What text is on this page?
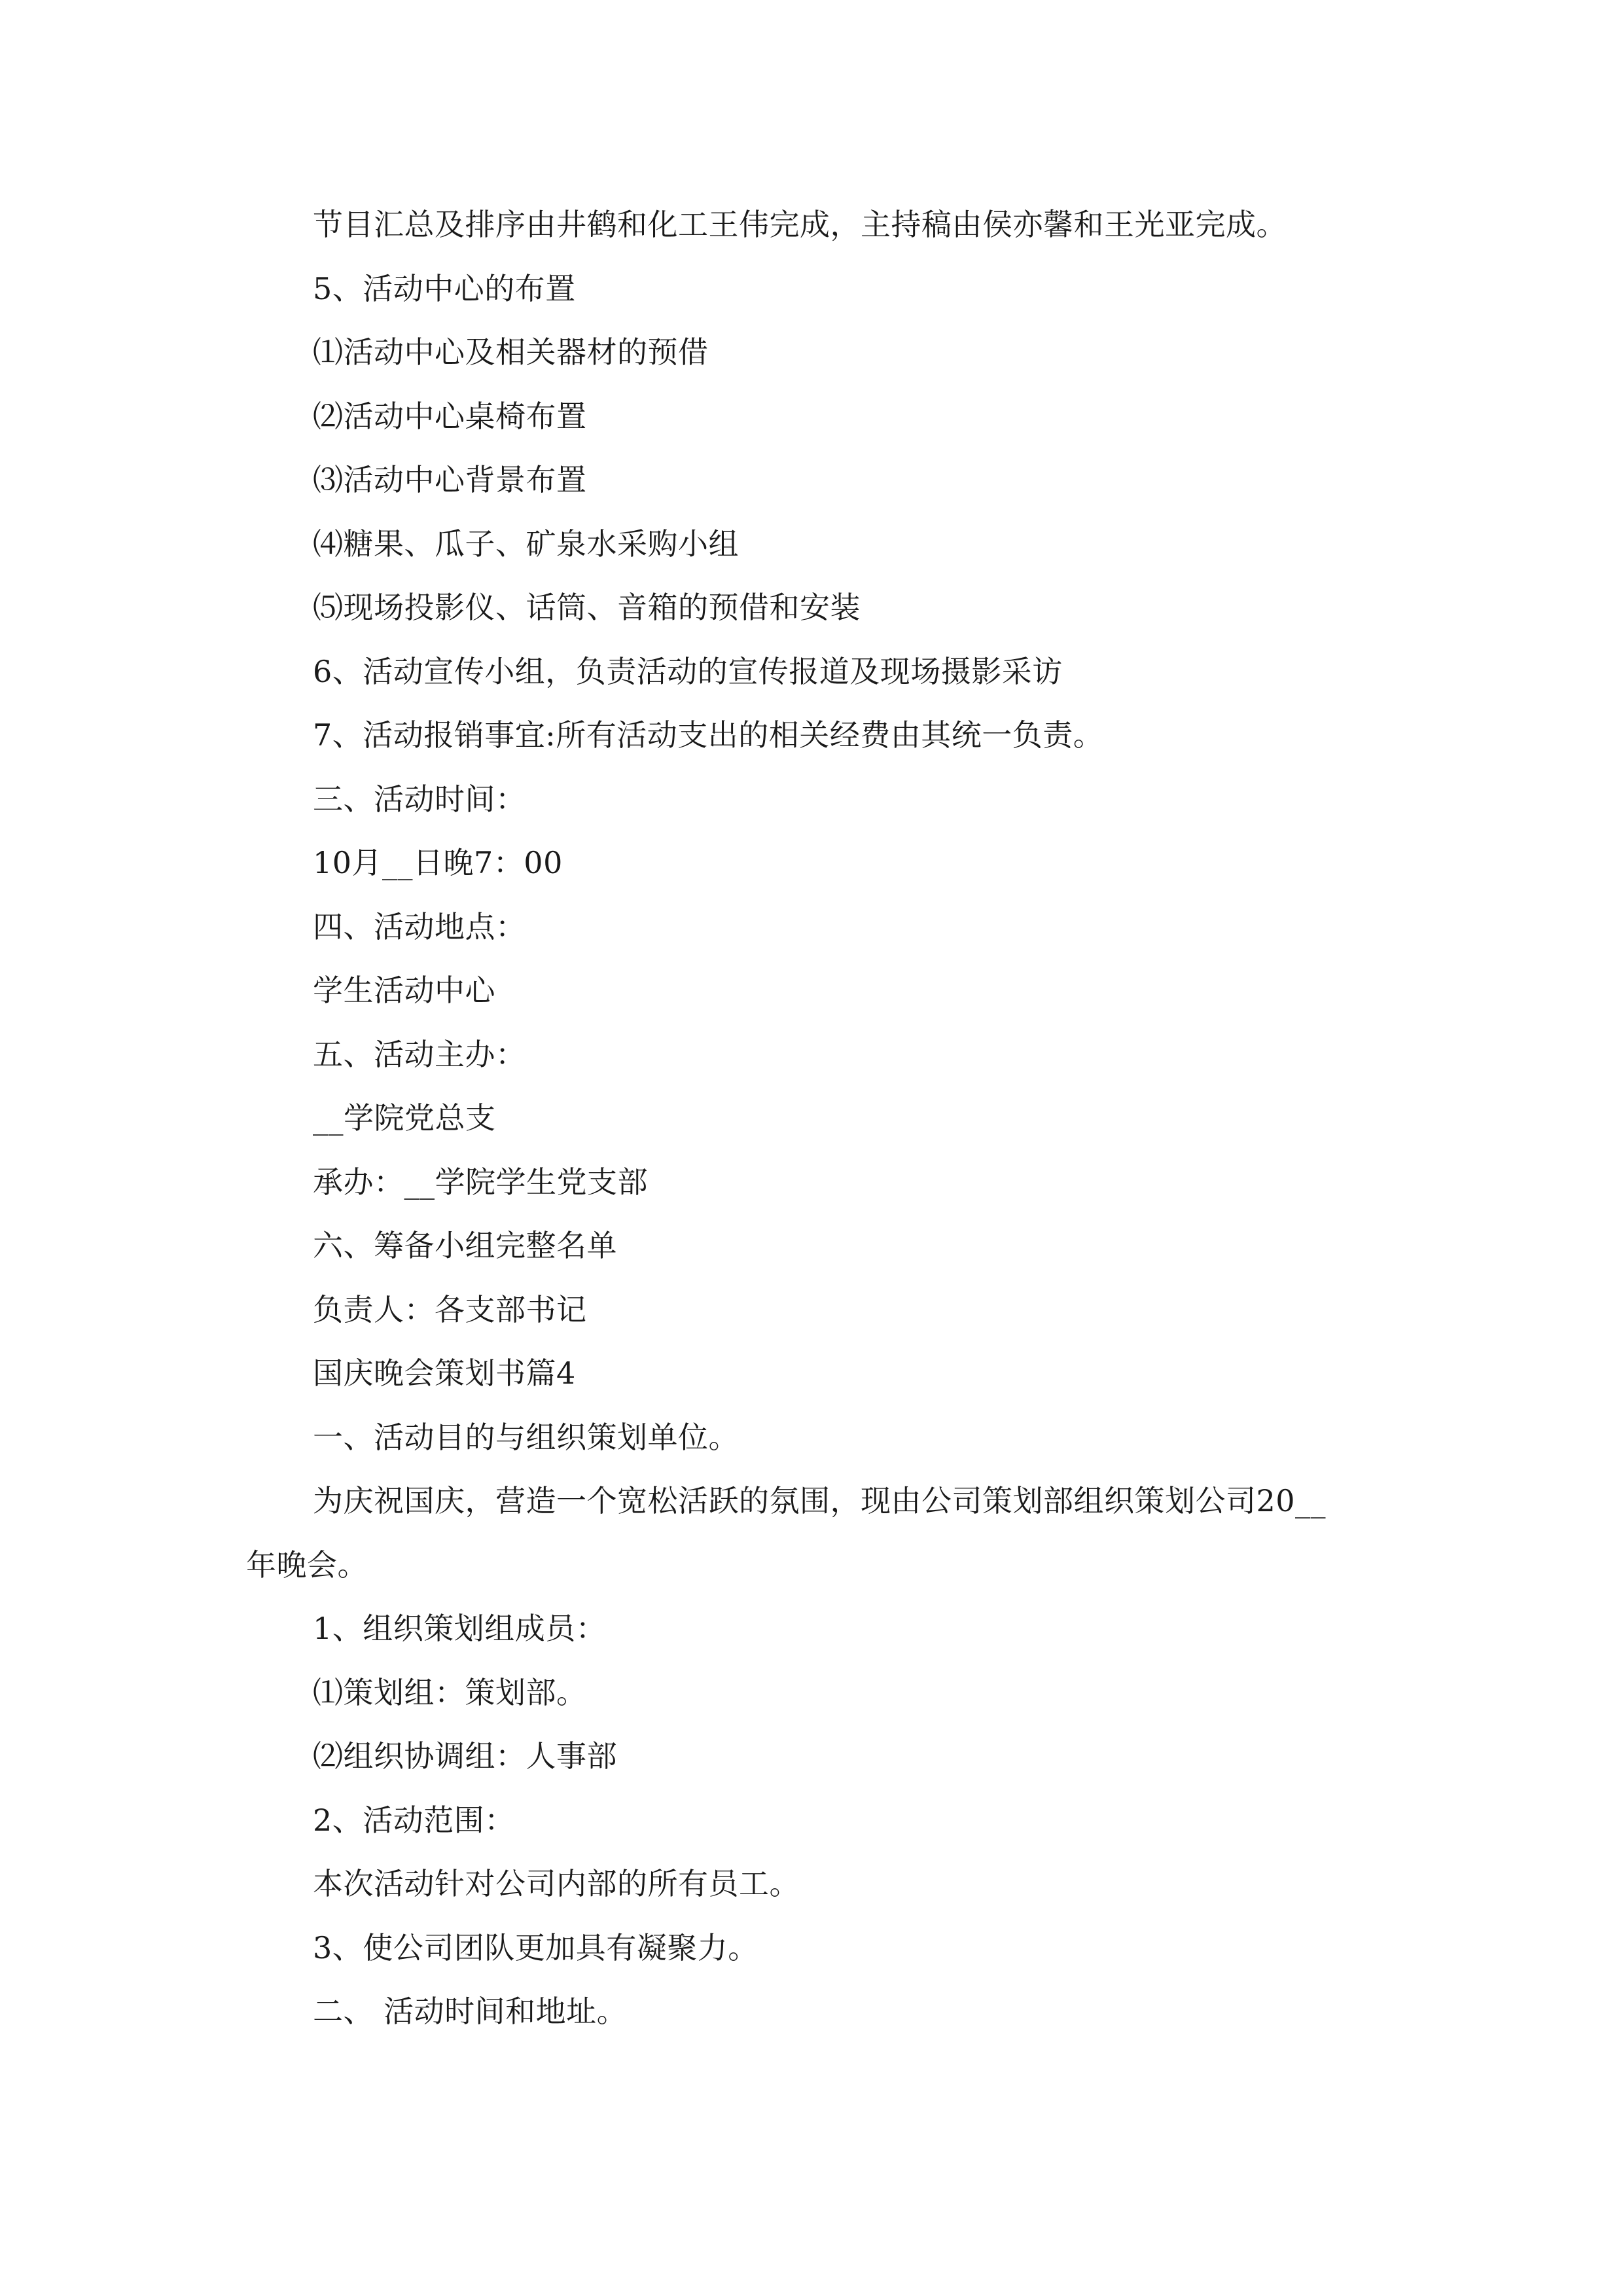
节目汇总及排序由井鹤和化工王伟完成，主持稿由侯亦馨和王光亚完成。
5、活动中心的布置
⑴活动中心及相关器材的预借
⑵活动中心桌椅布置
⑶活动中心背景布置
⑷糖果、瓜子、矿泉水采购小组
⑸现场投影仪、话筒、音箱的预借和安装
6、活动宣传小组，负责活动的宣传报道及现场摄影采访
7、活动报销事宜:所有活动支出的相关经费由其统一负责。
三、活动时间：
10月__日晚7：00
四、活动地点：
学生活动中心
五、活动主办：
__学院党总支
承办：__学院学生党支部
六、筹备小组完整名单
负责人：各支部书记
国庆晚会策划书篇4
一、活动目的与组织策划单位。
为庆祝国庆，营造一个宽松活跃的氛围，现由公司策划部组织策划公司20__
年晚会。
1、组织策划组成员：
⑴策划组：策划部。
⑵组织协调组：人事部
2、活动范围：
本次活动针对公司内部的所有员工。
3、使公司团队更加具有凝聚力。
二、 活动时间和地址。
